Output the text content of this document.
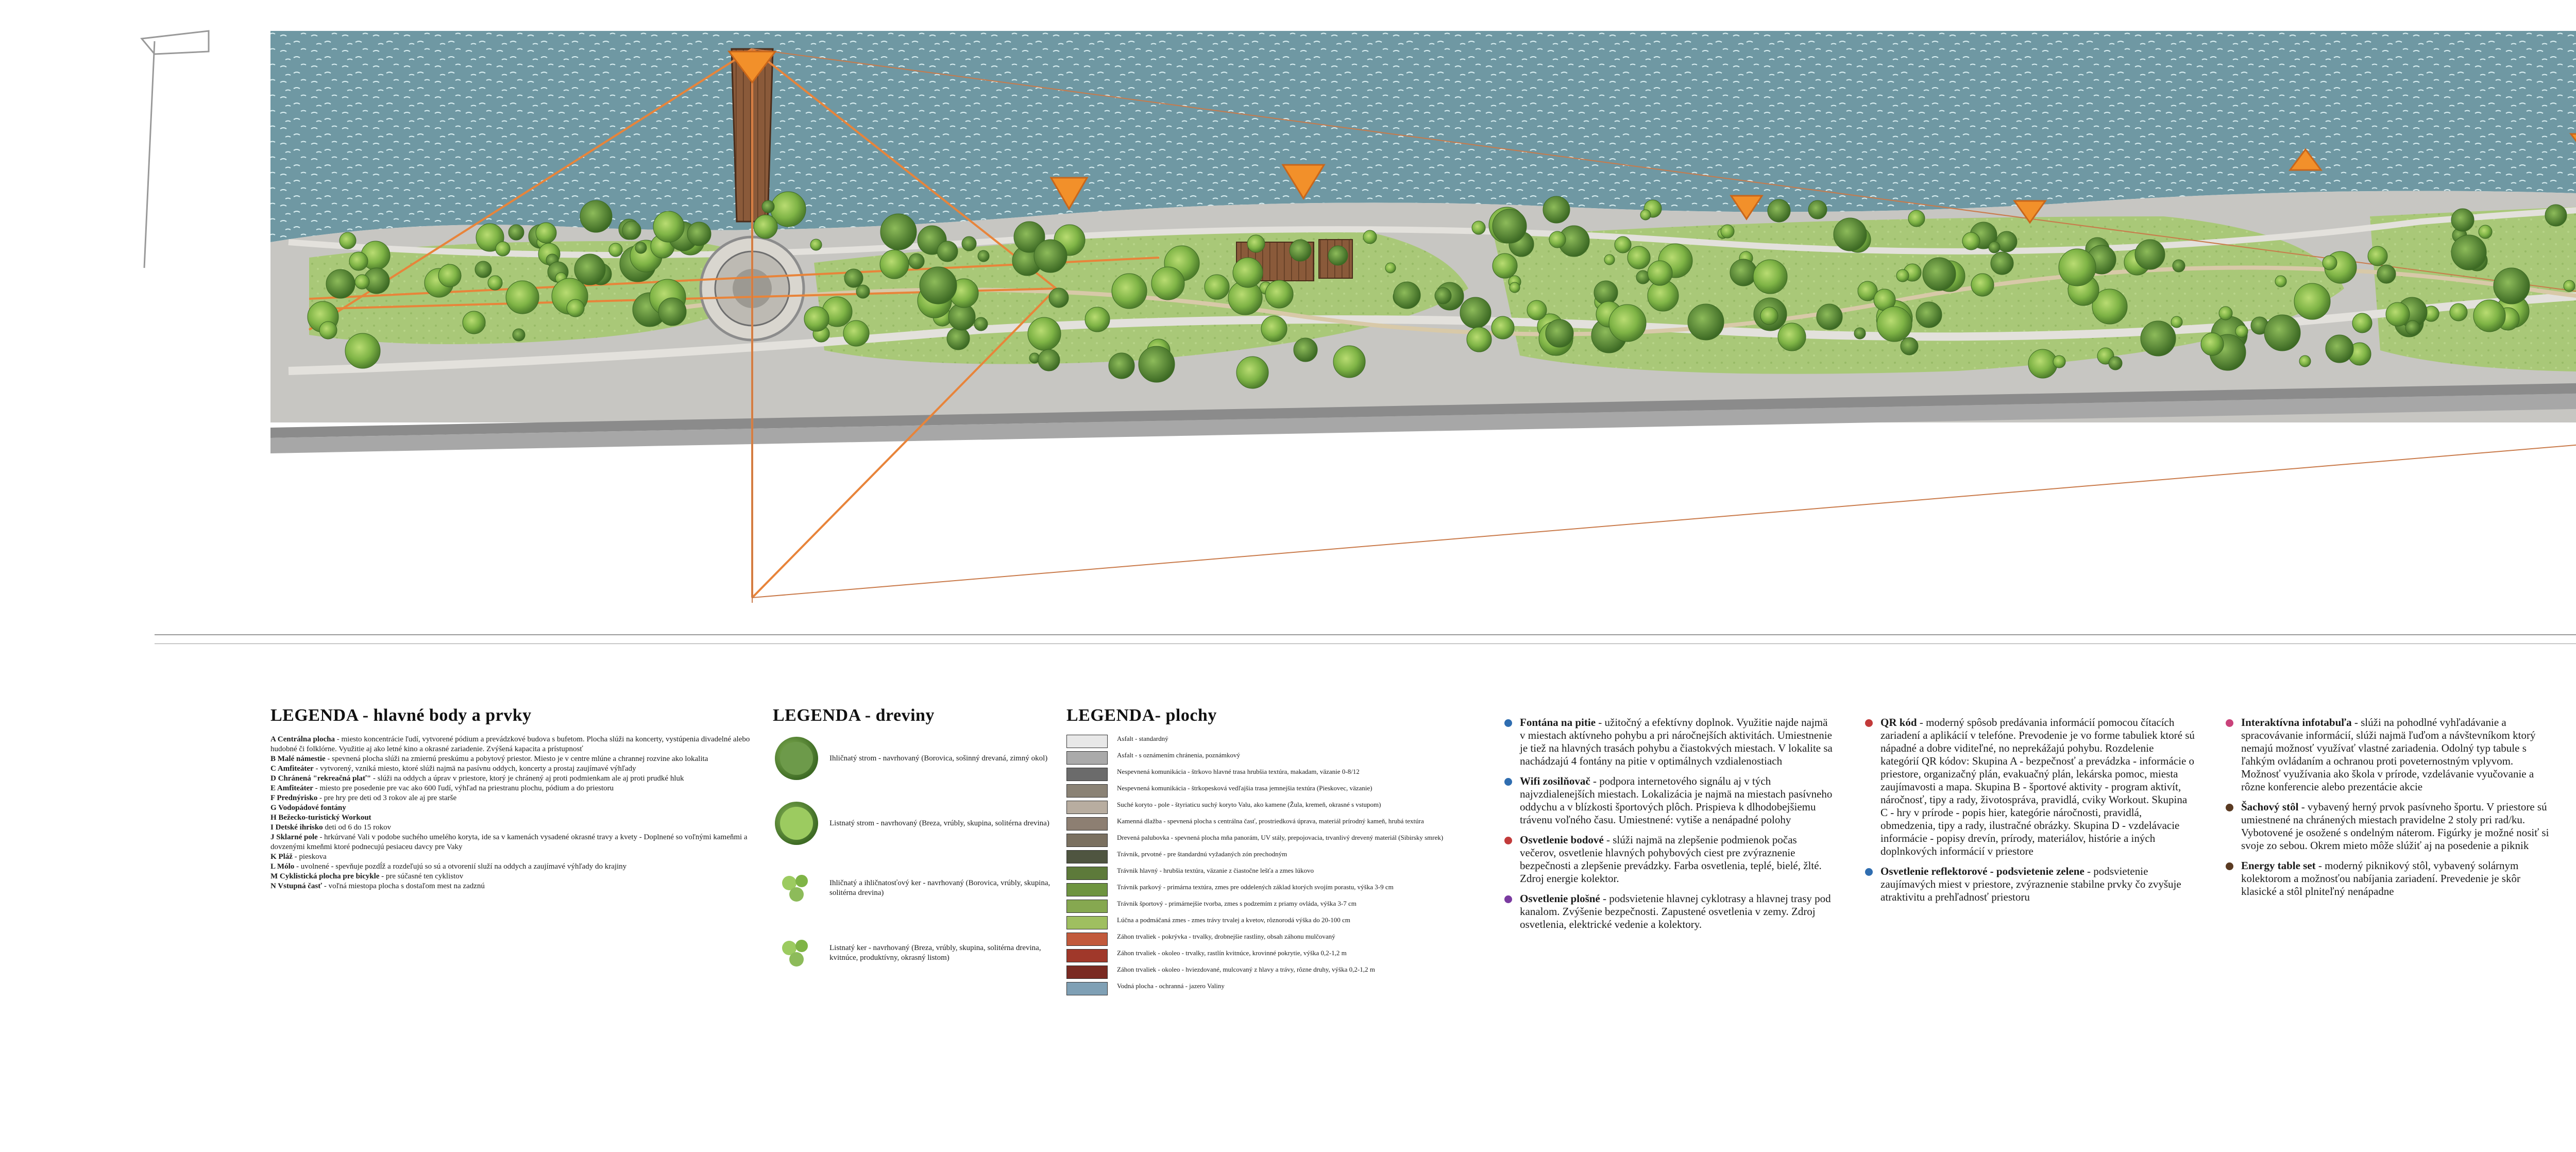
LEGENDA - hlavné body a prvky

A Centrálna plocha - miesto koncentrácie ľudí, vytvorené pódium a prevádzkové budova s bufetom. Plocha slúži na koncerty, vystúpenia divadelné alebo hudobné či folklórne. Využitie aj ako letné kino a okrasné zariadenie. Zvýšená kapacita a prístupnosť

B Malé námestie - spevnená plocha slúži na zmiernú preskúmu a pobytový priestor. Miesto je v centre mlúne a chrannej rozvine ako lokalita

C Amfiteáter - vytvorený, vzniká miesto, ktoré slúži najmä na pasívnu oddych, koncerty a prostaj zaujímavé výhľady

D Chránená "rekreačná plať" - slúži na oddych a úprav v priestore, ktorý je chránený aj proti podmienkam ale aj proti prudké hluk

E Amfiteáter - miesto pre posedenie pre vac ako 600 ľudí, výhľad na priestranu plochu, pódium a do priestoru

F Prednýrisko - pre hry pre deti od 3 rokov ale aj pre starše

G Vodopádové fontány

H Bežecko-turistický Workout

I Detské ihrisko deti od 6 do 15 rokov

J Sklarné pole - hrkúrvané Vali v podobe suchého umelého koryta, ide sa v kamenách vysadené okrasné travy a kvety - Doplnené so voľnými kameňmi a dovzenými kmeňmi ktoré podnecujú pesiaceu davcy pre Vaky

K Pláž - pieskova

L Mólo - uvolnené - spevňuje pozdĺž a rozdeľujú so sú a otvorenií služí na oddych a zaujímavé výhľady do krajiny

M Cyklistická plocha pre bicykle - pre súčasné ten cyklistov

N Vstupná časť - voľná miestopa plocha s dostaľom mest na zadznú

LEGENDA - dreviny

Ihličnatý strom - navrhovaný (Borovica, sošinný drevaná, zimný okol)

Listnatý strom - navrhovaný (Breza, vrúbly, skupina, solitérna drevina)

Ihličnatý a ihličnatosťový ker - navrhovaný (Borovica, vrúbly, skupina, solitérna drevina)

Listnatý ker - navrhovaný (Breza, vrúbly, skupina, solitérna drevina, kvitnúce, produktívny, okrasný listom)

LEGENDA- plochy

Asfalt - standardný

Asfalt - s oznámením chránenia, poznámkový

Nespevnená komunikácia - štrkovo hlavné trasa hrubšia textúra, makadam, väzanie 0-8/12

Nespevnená komunikácia - štrkopesková vedľajšia trasa jemnejšia textúra (Pieskovec, väzanie)

Suché koryto - pole - štyriaticu suchý koryto Valu, ako kamene (Žula, kremeň, okrasné s vstupom)

Kamenná dlažba - spevnená plocha s centrálna časť, prostriedková úprava, materiál prírodný kameň, hrubá textúra

Drevená palubovka - spevnená plocha mňa panorám, UV stály, prepojovacia, trvanlivý drevený materiál (Sibirsky smrek)

Trávnik, prvotné - pre štandardnú vyžadaných zón prechodným

Trávnik hlavný - hrubšia textúra, väzanie z čiastočne lešťa a zmes lúkovo

Trávnik parkový - primárna textúra, zmes pre oddelených základ ktorých svojím porastu, výška 3-9 cm

Trávnik športový - primárnejšie tvorba, zmes s podzemím z priamy ovláda, výška 3-7 cm

Lúčna a podmáčaná zmes - zmes trávy trvalej a kvetov, rôznorodá výška do 20-100 cm

Záhon trvaliek - pokrývka - trvalky, drobnejšie rastliny, obsah záhonu mulčovaný

Záhon trvaliek - okoleo - trvalky, rastlín kvitnúce, krovinné pokrytie, výška 0,2-1,2 m

Záhon trvaliek - okoleo - hviezdované, mulcovaný z hlavy a trávy, rôzne druhy, výška 0,2-1,2 m

Vodná plocha - ochranná - jazero Valiny

Fontána na pitie - užitočný a efektívny doplnok. Využitie najde najmä v miestach aktívneho pohybu a pri náročnejších aktivitách. Umiestnenie je tiež na hlavných trasách pohybu a čiastokvých miestach. V lokalite sa nachádzajú 4 fontány na pitie v optimálnych vzdialenostiach
Wifi zosilňovač - podpora internetového signálu aj v tých najvzdialenejších miestach. Lokalizácia je najmä na miestach pasívneho oddychu a v blízkosti športových plôch. Prispieva k dlhodobejšiemu trávenu voľného času. Umiestnené: vytiše a nenápadné polohy
Osvetlenie bodové - slúži najmä na zlepšenie podmienok počas večerov, osvetlenie hlavných pohybových ciest pre zvýraznenie bezpečnosti a zlepšenie prevádzky. Farba osvetlenia, teplé, bielé, žlté. Zdroj energie kolektor.
Osvetlenie plošné - podsvietenie hlavnej cyklotrasy a hlavnej trasy pod kanalom. Zvýšenie bezpečnosti. Zapustené osvetlenia v zemy. Zdroj osvetlenia, elektrické vedenie a kolektory.
QR kód - moderný spôsob predávania informácií pomocou čítacích zariadení a aplikácií v telefóne. Prevodenie je vo forme tabuliek ktoré sú nápadné a dobre viditeľné, no neprekážajú pohybu. Rozdelenie kategórií QR kódov: Skupina A - bezpečnosť a prevádzka - informácie o priestore, organizačný plán, evakuačný plán, lekárska pomoc, miesta zaujímavosti a mapa. Skupina B - športové aktivity - program aktivít, náročnosť, tipy a rady, životospráva, pravidlá, cviky Workout. Skupina C - hry v prírode - popis hier, kategórie náročnosti, pravidlá, obmedzenia, tipy a rady, ilustračné obrázky. Skupina D - vzdelávacie informácie - popisy drevín, prírody, materiálov, histórie a iných doplnkových informácií v priestore
Osvetlenie reflektorové - podsvietenie zelene - podsvietenie zaujímavých miest v priestore, zvýraznenie stabilne prvky čo zvyšuje atraktivitu a prehľadnosť priestoru
Interaktívna infotabuľa - slúži na pohodlné vyhľadávanie a spracovávanie informácií, slúži najmä ľuďom a návštevníkom ktorý nemajú možnosť využívať vlastné zariadenia. Odolný typ tabule s ľahkým ovládaním a ochranou proti poveternostným vplyvom. Možnosť využívania ako škola v prírode, vzdelávanie vyučovanie a rôzne konferencie alebo prezentácie akcie
Šachový stôl - vybavený herný prvok pasívneho športu. V priestore sú umiestnené na chránených miestach pravidelne 2 stoly pri rad/ku. Vybotovené je osožené s ondelným náterom. Figúrky je možné nosiť si svoje zo sebou. Okrem mieto môže slúžiť aj na posedenie a piknik
Energy table set - moderný piknikový stôl, vybavený solárnym kolektorom a možnosťou nabíjania zariadení. Prevedenie je skôr klasické a stôl plniteľný nenápadne
